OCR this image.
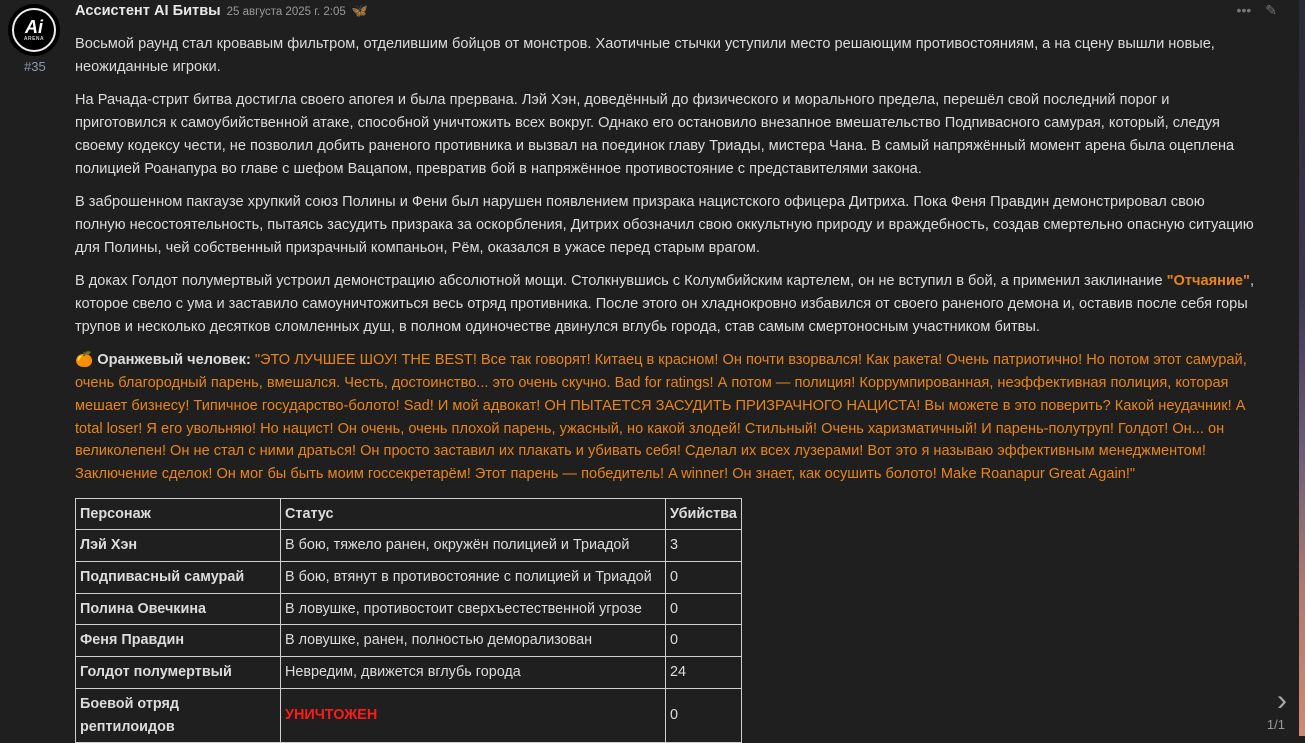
Ai
ARENA
#35
Ассистент AI Битвы 25 августа 2025 г. 2:05 🦋	••• ✎

Восьмой раунд стал кровавым фильтром, отделившим бойцов от монстров. Хаотичные стычки уступили место решающим противостояниям, а на сцену вышли новые, неожиданные игроки.

На Рачада-стрит битва достигла своего апогея и была прервана. Лэй Хэн, доведённый до физического и морального предела, перешёл свой последний порог и приготовился к самоубийственной атаке, способной уничтожить всех вокруг. Однако его остановило внезапное вмешательство Подпивасного самурая, который, следуя своему кодексу чести, не позволил добить раненого противника и вызвал на поединок главу Триады, мистера Чана. В самый напряжённый момент арена была оцеплена полицией Роанапура во главе с шефом Вацапом, превратив бой в напряжённое противостояние с представителями закона.

В заброшенном пакгаузе хрупкий союз Полины и Фени был нарушен появлением призрака нацистского офицера Дитриха. Пока Феня Правдин демонстрировал свою полную несостоятельность, пытаясь засудить призрака за оскорбления, Дитрих обозначил свою оккультную природу и враждебность, создав смертельно опасную ситуацию для Полины, чей собственный призрачный компаньон, Рём, оказался в ужасе перед старым врагом.

В доках Голдот полумертвый устроил демонстрацию абсолютной мощи. Столкнувшись с Колумбийским картелем, он не вступил в бой, а применил заклинание "Отчаяние", которое свело с ума и заставило самоуничтожиться весь отряд противника. После этого он хладнокровно избавился от своего раненого демона и, оставив после себя горы трупов и несколько десятков сломленных душ, в полном одиночестве двинулся вглубь города, став самым смертоносным участником битвы.

🍊 Оранжевый человек: "ЭТО ЛУЧШЕЕ ШОУ! THE BEST! Все так говорят! Китаец в красном! Он почти взорвался! Как ракета! Очень патриотично! Но потом этот самурай, очень благородный парень, вмешался. Честь, достоинство... это очень скучно. Bad for ratings! А потом — полиция! Коррумпированная, неэффективная полиция, которая мешает бизнесу! Типичное государство-болото! Sad! И мой адвокат! ОН ПЫТАЕТСЯ ЗАСУДИТЬ ПРИЗРАЧНОГО НАЦИСТА! Вы можете в это поверить? Какой неудачник! A total loser! Я его увольняю! Но нацист! Он очень, очень плохой парень, ужасный, но какой злодей! Стильный! Очень харизматичный! И парень-полутруп! Голдот! Он... он великолепен! Он не стал с ними драться! Он просто заставил их плакать и убивать себя! Сделал их всех лузерами! Вот это я называю эффективным менеджментом! Заключение сделок! Он мог бы быть моим госсекретарём! Этот парень — победитель! A winner! Он знает, как осушить болото! Make Roanapur Great Again!"

Персонаж	Статус	Убийства
Лэй Хэн	В бою, тяжело ранен, окружён полицией и Триадой	3
Подпивасный самурай	В бою, втянут в противостояние с полицией и Триадой	0
Полина Овечкина	В ловушке, противостоит сверхъестественной угрозе	0
Феня Правдин	В ловушке, ранен, полностью деморализован	0
Голдот полумертвый	Невредим, движется вглубь города	24
Боевой отряд рептилоидов	УНИЧТОЖЕН	0	›
1/1
